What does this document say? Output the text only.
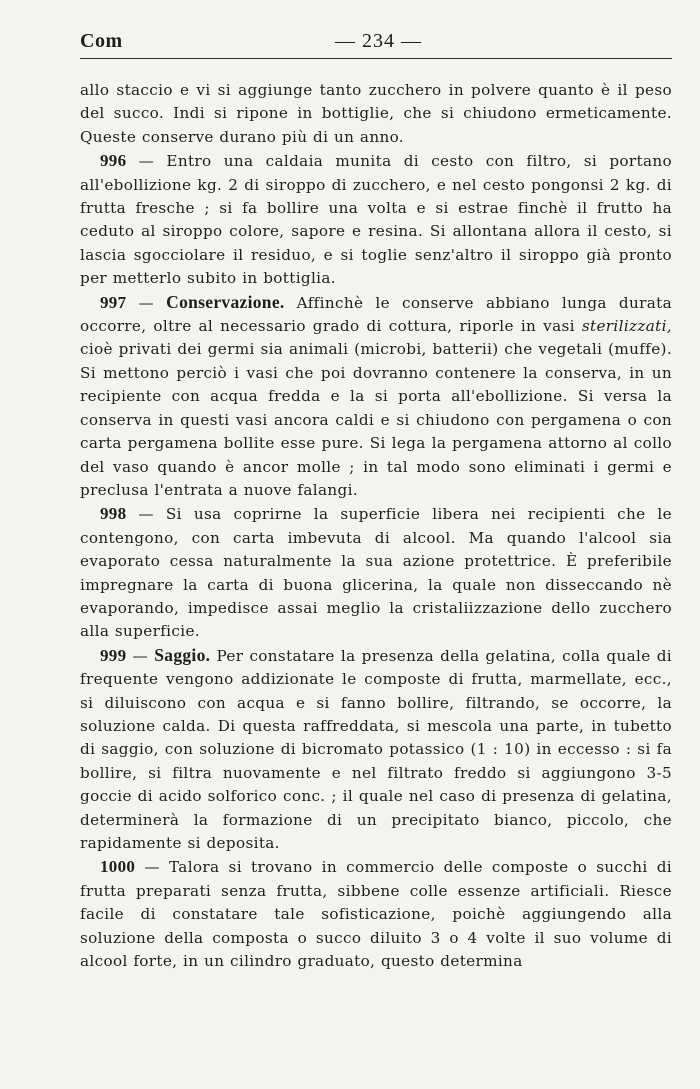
Com	— 234 —

allo staccio e vi si aggiunge tanto zucchero in polvere quanto è il peso del succo. Indi si ripone in bottiglie, che si chiudono ermeticamente. Queste conserve durano più di un anno.

996 — Entro una caldaia munita di cesto con filtro, si portano all'ebollizione kg. 2 di siroppo di zucchero, e nel cesto pongonsi 2 kg. di frutta fresche ; si fa bollire una volta e si estrae finchè il frutto ha ceduto al siroppo colore, sapore e resina. Si allontana allora il cesto, si lascia sgocciolare il residuo, e si toglie senz'altro il siroppo già pronto per metterlo subito in bottiglia.

997 — Conservazione. Affinchè le conserve abbiano lunga durata occorre, oltre al necessario grado di cottura, riporle in vasi sterilizzati, cioè privati dei germi sia animali (microbi, batterii) che vegetali (muffe). Si mettono perciò i vasi che poi dovranno contenere la conserva, in un recipiente con acqua fredda e la si porta all'ebollizione. Si versa la conserva in questi vasi ancora caldi e si chiudono con pergamena o con carta pergamena bollite esse pure. Si lega la pergamena attorno al collo del vaso quando è ancor molle ; in tal modo sono eliminati i germi e preclusa l'entrata a nuove falangi.

998 — Si usa coprirne la superficie libera nei recipienti che le contengono, con carta imbevuta di alcool. Ma quando l'alcool sia evaporato cessa naturalmente la sua azione protettrice. È preferibile impregnare la carta di buona glicerina, la quale non disseccando nè evaporando, impedisce assai meglio la cristaliizzazione dello zucchero alla superficie.

999 — Saggio. Per constatare la presenza della gelatina, colla quale di frequente vengono addizionate le composte di frutta, marmellate, ecc., si diluiscono con acqua e si fanno bollire, filtrando, se occorre, la soluzione calda. Di questa raffreddata, si mescola una parte, in tubetto di saggio, con soluzione di bicromato potassico (1 : 10) in eccesso : si fa bollire, si filtra nuovamente e nel filtrato freddo si aggiungono 3-5 goccie di acido solforico conc. ; il quale nel caso di presenza di gelatina, determinerà la formazione di un precipitato bianco, piccolo, che rapidamente si deposita.

1000 — Talora si trovano in commercio delle composte o succhi di frutta preparati senza frutta, sibbene colle essenze artificiali. Riesce facile di constatare tale sofisticazione, poichè aggiungendo alla soluzione della composta o succo diluito 3 o 4 volte il suo volume di alcool forte, in un cilindro graduato, questo determina
